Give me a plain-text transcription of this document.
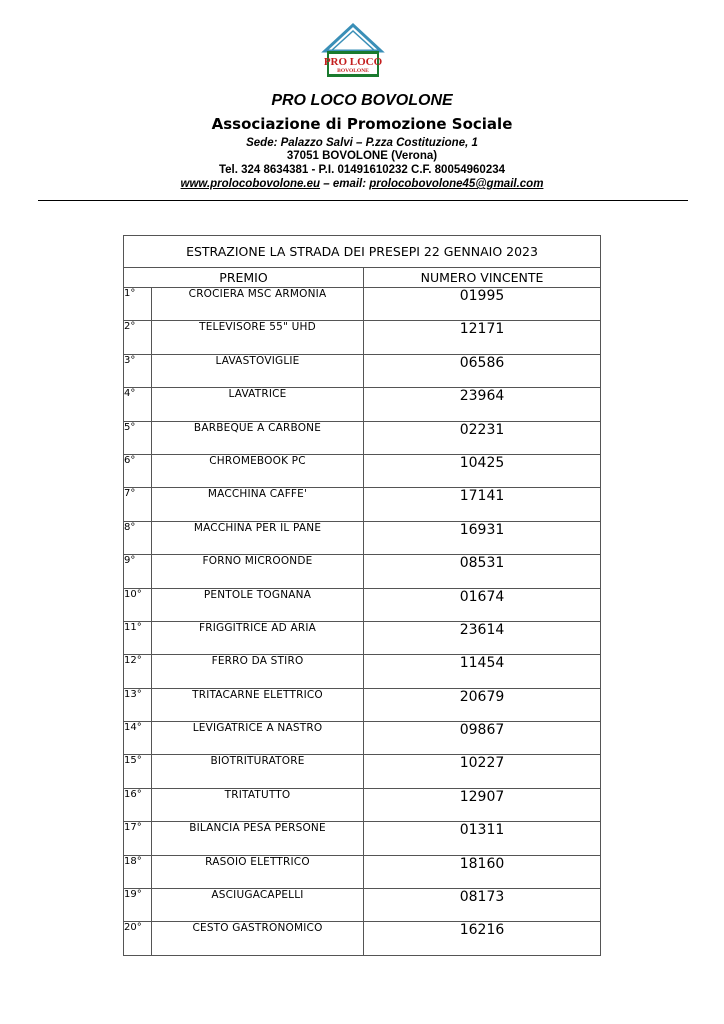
PRO LOCO
BOVOLONE
PRO LOCO BOVOLONE
Associazione di Promozione Sociale
Sede: Palazzo Salvi – P.zza Costituzione, 1
37051 BOVOLONE (Verona)
Tel. 324 8634381 - P.I. 01491610232 C.F. 80054960234
www.prolocobovolone.eu – email: prolocobovolone45@gmail.com
ESTRAZIONE LA STRADA DEI PRESEPI 22 GENNAIO 2023		
PREMIO		NUMERO VINCENTE
1°	CROCIERA MSC ARMONIA	01995
2°	TELEVISORE 55" UHD	12171
3°	LAVASTOVIGLIE	06586
4°	LAVATRICE	23964
5°	BARBEQUE A CARBONE	02231
6°	CHROMEBOOK PC	10425
7°	MACCHINA CAFFE'	17141
8°	MACCHINA PER IL PANE	16931
9°	FORNO MICROONDE	08531
10°	PENTOLE TOGNANA	01674
11°	FRIGGITRICE AD ARIA	23614
12°	FERRO DA STIRO	11454
13°	TRITACARNE ELETTRICO	20679
14°	LEVIGATRICE A NASTRO	09867
15°	BIOTRITURATORE	10227
16°	TRITATUTTO	12907
17°	BILANCIA PESA PERSONE	01311
18°	RASOIO ELETTRICO	18160
19°	ASCIUGACAPELLI	08173
20°	CESTO GASTRONOMICO	16216
